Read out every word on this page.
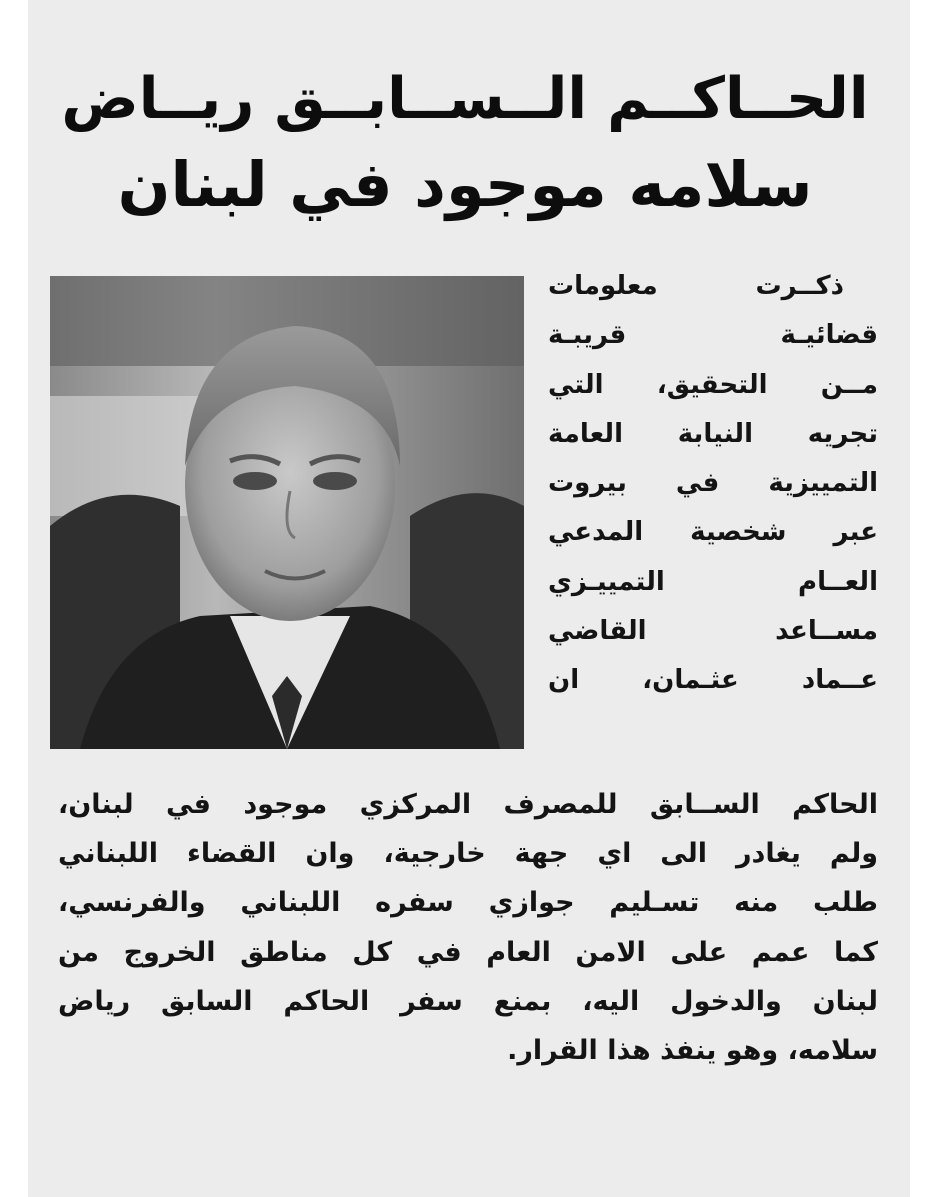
الحــاكــم الــســابــق ريــاض
سلامه موجود في لبنان
ذكــرت معلومات
قضائيـة قريبـة
مــن التحقيق، التي
تجريه النيابة العامة
التمييزية في بيروت
عبر شخصية المدعي
العــام التمييـزي
مســاعد القاضي
عــماد عثـمان، ان
الحاكم الســابق للمصرف المركزي موجود في لبنان،
ولم يغادر الى اي جهة خارجية، وان القضاء اللبناني
طلب منه تسـليم جوازي سفره اللبناني والفرنسي،
كما عمم على الامن العام في كل مناطق الخروج من
لبنان والدخول اليه، بمنع سفر الحاكم السابق رياض
سلامه، وهو ينفذ هذا القرار.
